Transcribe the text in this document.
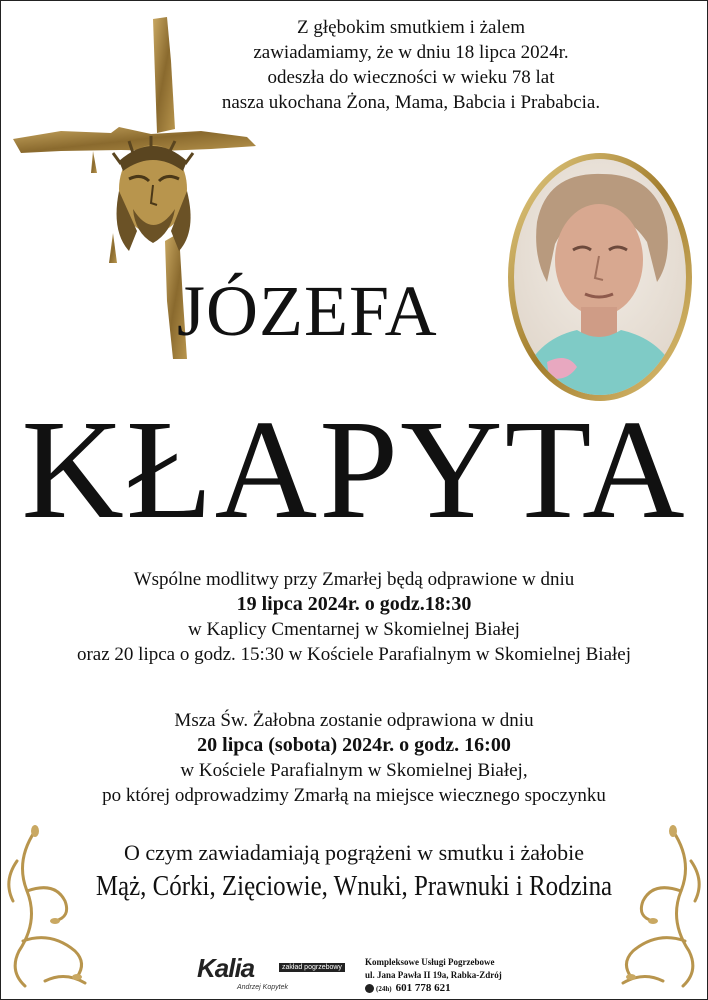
Z głębokim smutkiem i żalem
zawiadamiamy, że w dniu 18 lipca 2024r.
odeszła do wieczności w wieku 78 lat
nasza ukochana Żona, Mama, Babcia i Prababcia.
JÓZEFA
KŁAPYTA
Wspólne modlitwy przy Zmarłej będą odprawione w dniu
19 lipca 2024r. o godz.18:30
w Kaplicy Cmentarnej w Skomielnej Białej
oraz 20 lipca o godz. 15:30 w Kościele Parafialnym w Skomielnej Białej
Msza Św. Żałobna zostanie odprawiona w dniu
20 lipca (sobota) 2024r. o godz. 16:00
w Kościele Parafialnym w Skomielnej Białej,
po której odprowadzimy Zmarłą na miejsce wiecznego spoczynku
O czym zawiadamiają pogrążeni w smutku i żałobie
Mąż, Córki, Zięciowie, Wnuki, Prawnuki i Rodzina
Kalia	zakład pogrzebowy
Andrzej Kopytek
Kompleksowe Usługi Pogrzebowe
ul. Jana Pawła II 19a, Rabka-Zdrój
(24h) 601 778 621
